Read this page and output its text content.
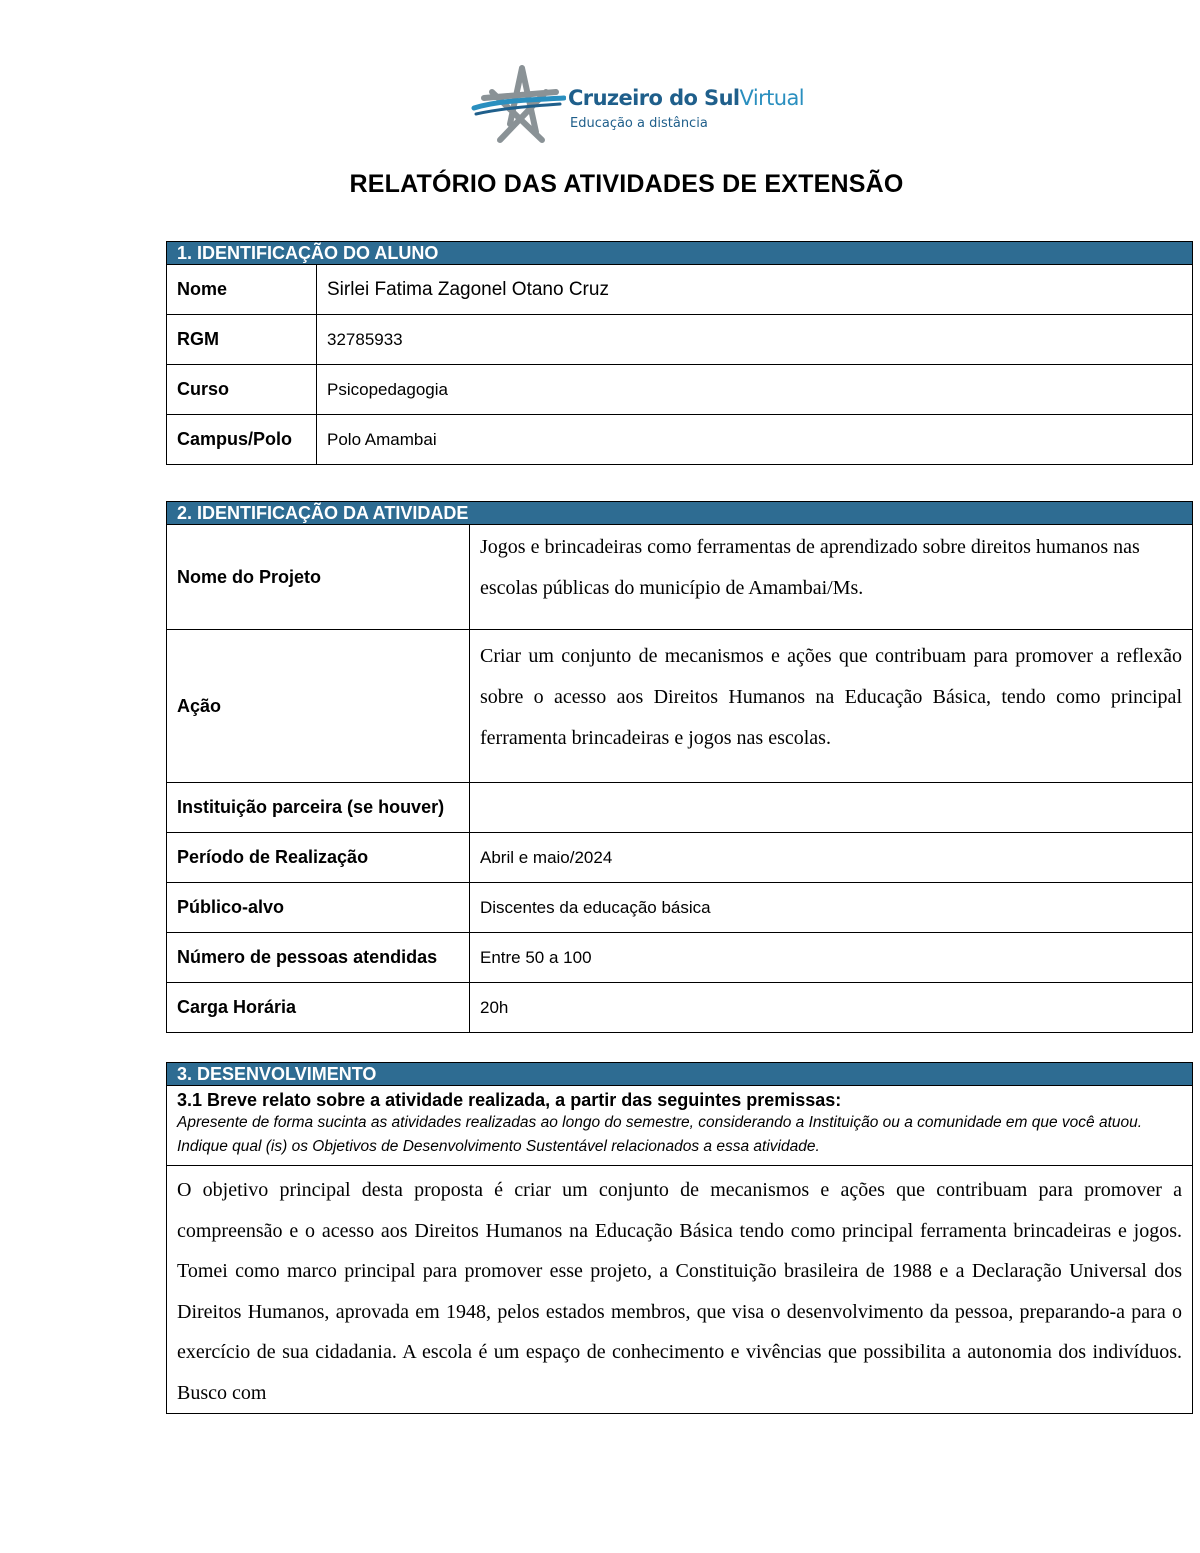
Cruzeiro do SulVirtual
Educação a distância
RELATÓRIO DAS ATIVIDADES DE EXTENSÃO
1. IDENTIFICAÇÃO DO ALUNO	
Nome	Sirlei Fatima Zagonel Otano Cruz
RGM	32785933
Curso	Psicopedagogia
Campus/Polo	Polo Amambai
2. IDENTIFICAÇÃO DA ATIVIDADE	
Nome do Projeto	Jogos e brincadeiras como ferramentas de aprendizado sobre direitos humanos nas escolas públicas do município de Amambai/Ms.
Ação	Criar um conjunto de mecanismos e ações que contribuam para promover a reflexão sobre o acesso aos Direitos Humanos na Educação Básica, tendo como principal ferramenta brincadeiras e jogos nas escolas.
Instituição parceira (se houver)	
Período de Realização	Abril e maio/2024
Público-alvo	Discentes da educação básica
Número de pessoas atendidas	Entre 50 a 100
Carga Horária	20h
3. DESENVOLVIMENTO

3.1 Breve relato sobre a atividade realizada, a partir das seguintes premissas:
Apresente de forma sucinta as atividades realizadas ao longo do semestre, considerando a Instituição ou a comunidade em que você atuou. Indique qual (is) os Objetivos de Desenvolvimento Sustentável relacionados a essa atividade.

O objetivo principal desta proposta é criar um conjunto de mecanismos e ações que contribuam para promover a compreensão e o acesso aos Direitos Humanos na Educação Básica tendo como principal ferramenta brincadeiras e jogos. Tomei como marco principal para promover esse projeto, a Constituição brasileira de 1988 e a Declaração Universal dos Direitos Humanos, aprovada em 1948, pelos estados membros, que visa o desenvolvimento da pessoa, preparando-a para o exercício de sua cidadania. A escola é um espaço de conhecimento e vivências que possibilita a autonomia dos indivíduos. Busco com
